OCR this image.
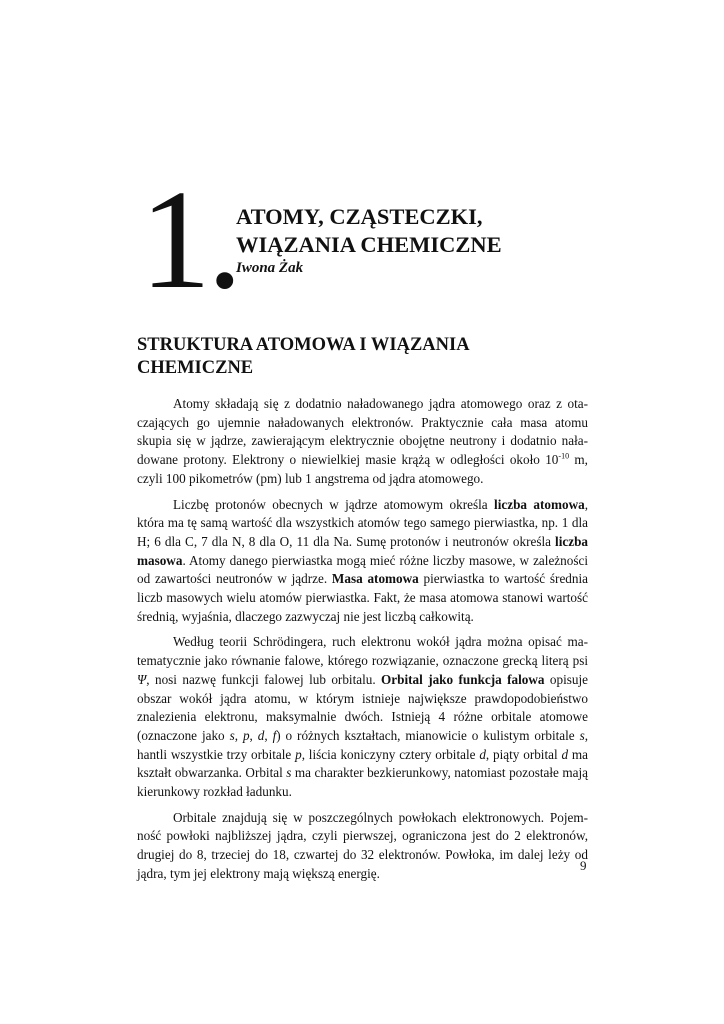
1.
ATOMY, CZĄSTECZKI,
WIĄZANIA CHEMICZNE

Iwona Żak

STRUKTURA ATOMOWA I WIĄZANIA
CHEMICZNE

Atomy składają się z dodatnio naładowanego jądra atomowego oraz z otaczających go ujemnie naładowanych elektronów. Praktycznie cała masa atomu skupia się w jądrze, zawierającym elektrycznie obojętne neutrony i dodatnio naładowane protony. Elektrony o niewielkiej masie krążą w odległości około $10^{-10}$ m, czyli 100 pikometrów (pm) lub 1 angstrema od jądra atomowego.

Liczbę protonów obecnych w jądrze atomowym określa liczba atomowa, która ma tę samą wartość dla wszystkich atomów tego samego pierwiastka, np. 1 dla H; 6 dla C, 7 dla N, 8 dla O, 11 dla Na. Sumę protonów i neutronów określa liczba masowa. Atomy danego pierwiastka mogą mieć różne liczby masowe, w zależności od zawartości neutronów w jądrze. Masa atomowa pierwiastka to wartość średnia liczb masowych wielu atomów pierwiastka. Fakt, że masa atomowa stanowi wartość średnią, wyjaśnia, dlaczego zazwyczaj nie jest liczbą całkowitą.

Według teorii Schrödingera, ruch elektronu wokół jądra można opisać matematycznie jako równanie falowe, którego rozwiązanie, oznaczone grecką literą psi Ψ, nosi nazwę funkcji falowej lub orbitalu. Orbital jako funkcja falowa opisuje obszar wokół jądra atomu, w którym istnieje największe prawdopodobieństwo znalezienia elektronu, maksymalnie dwóch. Istnieją 4 różne orbitale atomowe (oznaczone jako s, p, d, f) o różnych kształtach, mianowicie o kulistym orbitale s, hantli wszystkie trzy orbitale p, liścia koniczyny cztery orbitale d, piąty orbital d ma kształt obwarzanka. Orbital s ma charakter bezkierunkowy, natomiast pozostałe mają kierunkowy rozkład ładunku.

Orbitale znajdują się w poszczególnych powłokach elektronowych. Pojemność powłoki najbliższej jądra, czyli pierwszej, ograniczona jest do 2 elektronów, drugiej do 8, trzeciej do 18, czwartej do 32 elektronów. Powłoka, im dalej leży od jądra, tym jej elektrony mają większą energię.

9
